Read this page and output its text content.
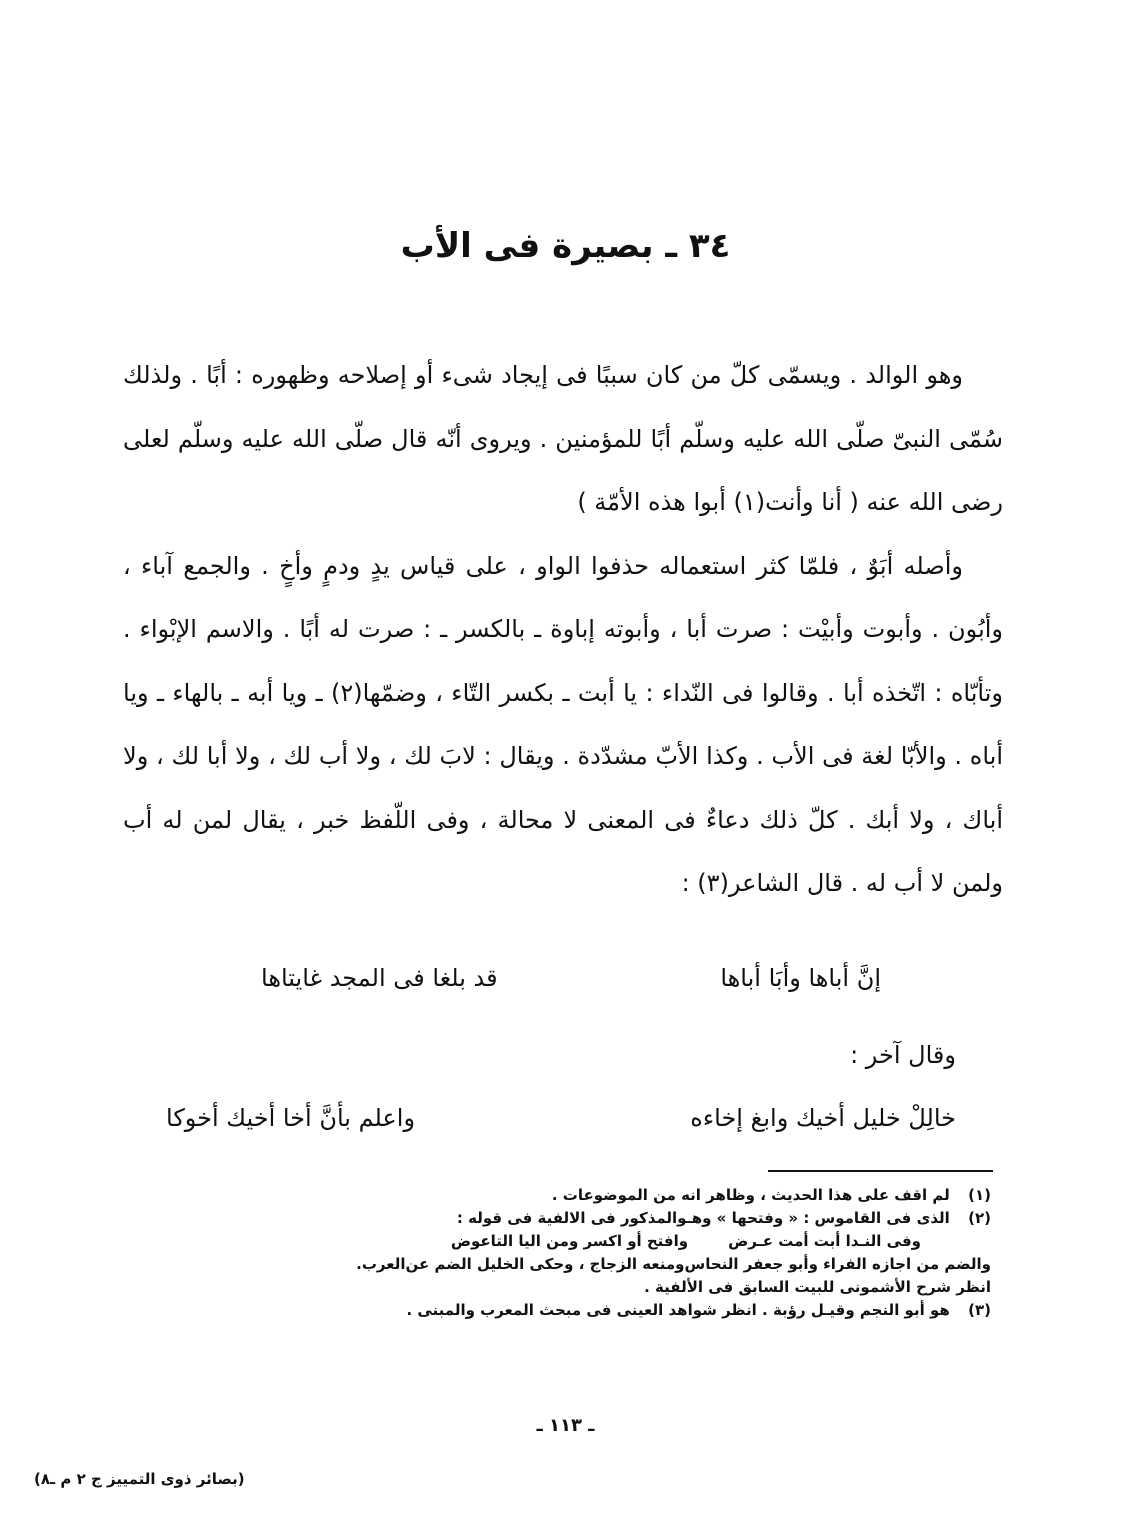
٣٤ ـ بصيرة فى الأب

وهو الوالد . ويسمّى كلّ من كان سببًا فى إيجاد شىء أو إصلاحه وظهوره : أبًا . ولذلك سُمّى النبىّ صلّى الله عليه وسلّم أبًا للمؤمنين . ويروى أنّه قال صلّى الله عليه وسلّم لعلى رضى الله عنه ( أنا وأنت(١) أبوا هذه الأمّة )

وأصله أبَوٌ ، فلمّا كثر استعماله حذفوا الواو ، على قياس يدٍ ودمٍ وأخٍ . والجمع آباء ، وأبُون . وأبوت وأبيْت : صرت أبا ، وأبوته إباوة ـ بالكسر ـ : صرت له أبًا . والاسم الإبْواء . وتأبّاه : اتّخذه أبا . وقالوا فى النّداء : يا أبت ـ بكسر التّاء ، وضمّها(٢) ـ ويا أبه ـ بالهاء ـ ويا أباه . والأبّا لغة فى الأب . وكذا الأبّ مشدّدة . ويقال : لابَ لك ، ولا أب لك ، ولا أبا لك ، ولا أباك ، ولا أبك . كلّ ذلك دعاءٌ فى المعنى لا محالة ، وفى اللّفظ خبر ، يقال لمن له أب ولمن لا أب له . قال الشاعر(٣) :

إنَّ أباها وأبَا أباها
قد بلغا فى المجد غايتاها
وقال آخر :
خالِلْ خليل أخيك وابغ إخاءه
واعلم بأنَّ أخا أخيك أخوكا
(١) لم اقف على هذا الحديث ، وظاهر انه من الموضوعات .
(٢) الذى فى القاموس : « وفتحها » وهـوالمذكور فى الالفية فى قوله :
وفى النـدا أبت أمت عـرض
وافتح أو اكسر ومن اليا التاعوض
والضم من اجازه الفراء وأبو جعفر النحاس‌ومنعه الزجاج ، وحكى الخليل الضم عن‌العرب.
انظر شرح الأشمونى للبيت السابق فى الألفية .
(٣) هو أبو النجم وقيـل رؤبة . انظر شواهد العينى فى مبحث المعرب والمبنى .
ـ ١١٣ ـ
(بصائر ذوى التمييز ج ٢ م ـ٨)
